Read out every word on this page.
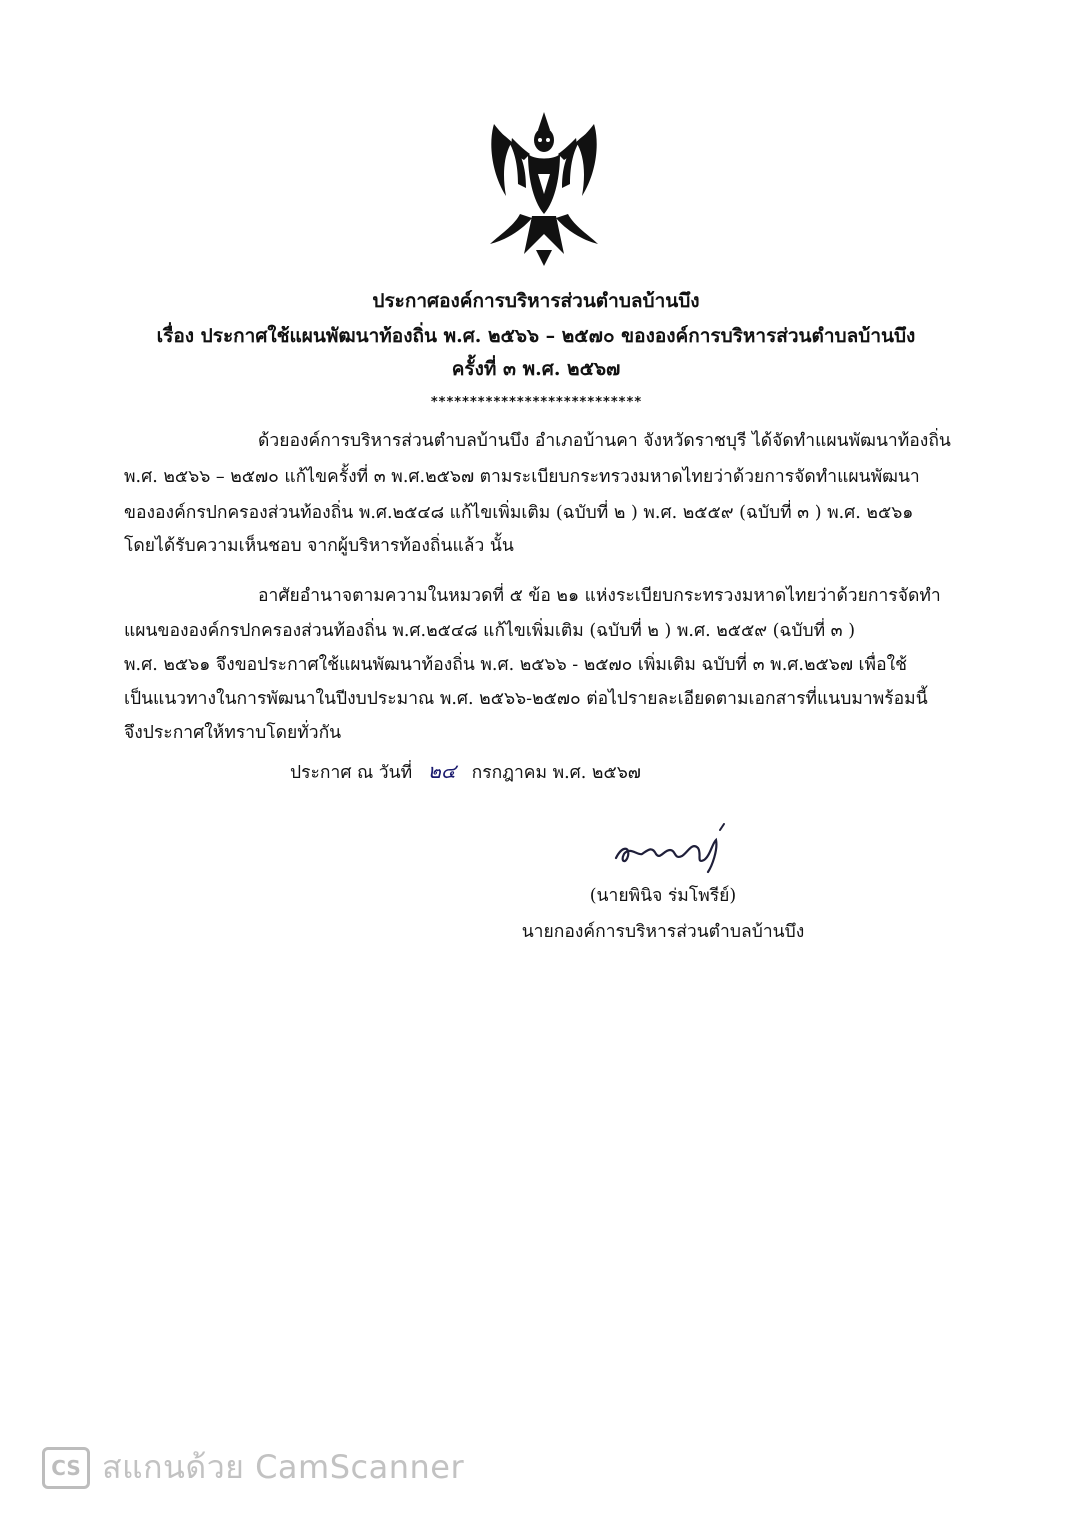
ประกาศองค์การบริหารส่วนตำบลบ้านบึง
เรื่อง ประกาศใช้แผนพัฒนาท้องถิ่น พ.ศ. ๒๕๖๖ – ๒๕๗๐ ขององค์การบริหารส่วนตำบลบ้านบึง
ครั้งที่ ๓ พ.ศ. ๒๕๖๗
***************************
ด้วยองค์การบริหารส่วนตำบลบ้านบึง อำเภอบ้านคา จังหวัดราชบุรี ได้จัดทำแผนพัฒนาท้องถิ่น
พ.ศ. ๒๕๖๖ – ๒๕๗๐ แก้ไขครั้งที่ ๓ พ.ศ.๒๕๖๗ ตามระเบียบกระทรวงมหาดไทยว่าด้วยการจัดทำแผนพัฒนา
ขององค์กรปกครองส่วนท้องถิ่น พ.ศ.๒๕๔๘ แก้ไขเพิ่มเติม (ฉบับที่ ๒ ) พ.ศ. ๒๕๕๙ (ฉบับที่ ๓ ) พ.ศ. ๒๕๖๑
โดยได้รับความเห็นชอบ จากผู้บริหารท้องถิ่นแล้ว นั้น
อาศัยอำนาจตามความในหมวดที่ ๕ ข้อ ๒๑ แห่งระเบียบกระทรวงมหาดไทยว่าด้วยการจัดทำ
แผนขององค์กรปกครองส่วนท้องถิ่น พ.ศ.๒๕๔๘ แก้ไขเพิ่มเติม (ฉบับที่ ๒ ) พ.ศ. ๒๕๕๙ (ฉบับที่ ๓ )
พ.ศ. ๒๕๖๑ จึงขอประกาศใช้แผนพัฒนาท้องถิ่น พ.ศ. ๒๕๖๖ - ๒๕๗๐ เพิ่มเติม ฉบับที่ ๓ พ.ศ.๒๕๖๗ เพื่อใช้
เป็นแนวทางในการพัฒนาในปีงบประมาณ พ.ศ. ๒๕๖๖-๒๕๗๐ ต่อไปรายละเอียดตามเอกสารที่แนบมาพร้อมนี้
จึงประกาศให้ทราบโดยทั่วกัน
ประกาศ ณ วันที่ ๒๔ กรกฎาคม พ.ศ. ๒๕๖๗
(นายพินิจ ร่มโพรีย์)
นายกองค์การบริหารส่วนตำบลบ้านบึง
CS สแกนด้วย CamScanner
